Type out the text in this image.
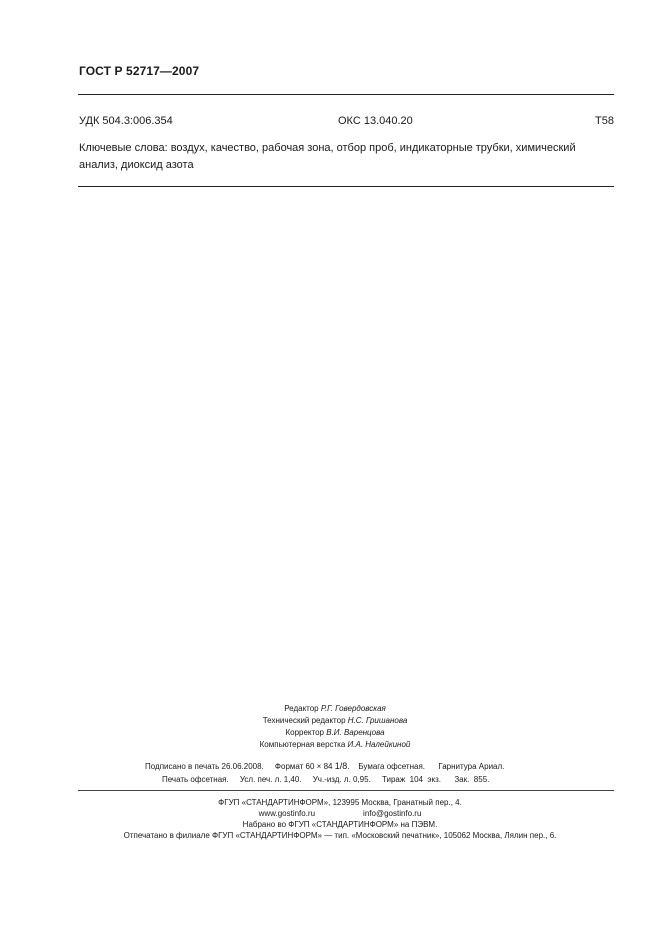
ГОСТ Р 52717—2007
УДК 504.3:006.354	ОКС 13.040.20	Т58
Ключевые слова: воздух, качество, рабочая зона, отбор проб, индикаторные трубки, химический анализ, диоксид азота
Редактор Р.Г. Говердовская
Технический редактор Н.С. Гришанова
Корректор В.И. Варенцова
Компьютерная верстка И.А. Налейкиной
Подписано в печать 26.06.2008. Формат 60 × 84 1/8.    Бумага офсетная. Гарнитура Ариал.
Печать офсетная. Усл. печ. л. 1,40. Уч.-изд. л. 0,95. Тираж  104  экз. Зак.  855.
ФГУП «СТАНДАРТИНФОРМ», 123995 Москва, Гранатный пер., 4.
www.gostinfo.ru	info@gostinfo.ru
Набрано во ФГУП «СТАНДАРТИНФОРМ» на ПЭВМ.
Отпечатано в филиале ФГУП «СТАНДАРТИНФОРМ» — тип. «Московский печатник», 105062 Москва, Лялин пер., 6.
